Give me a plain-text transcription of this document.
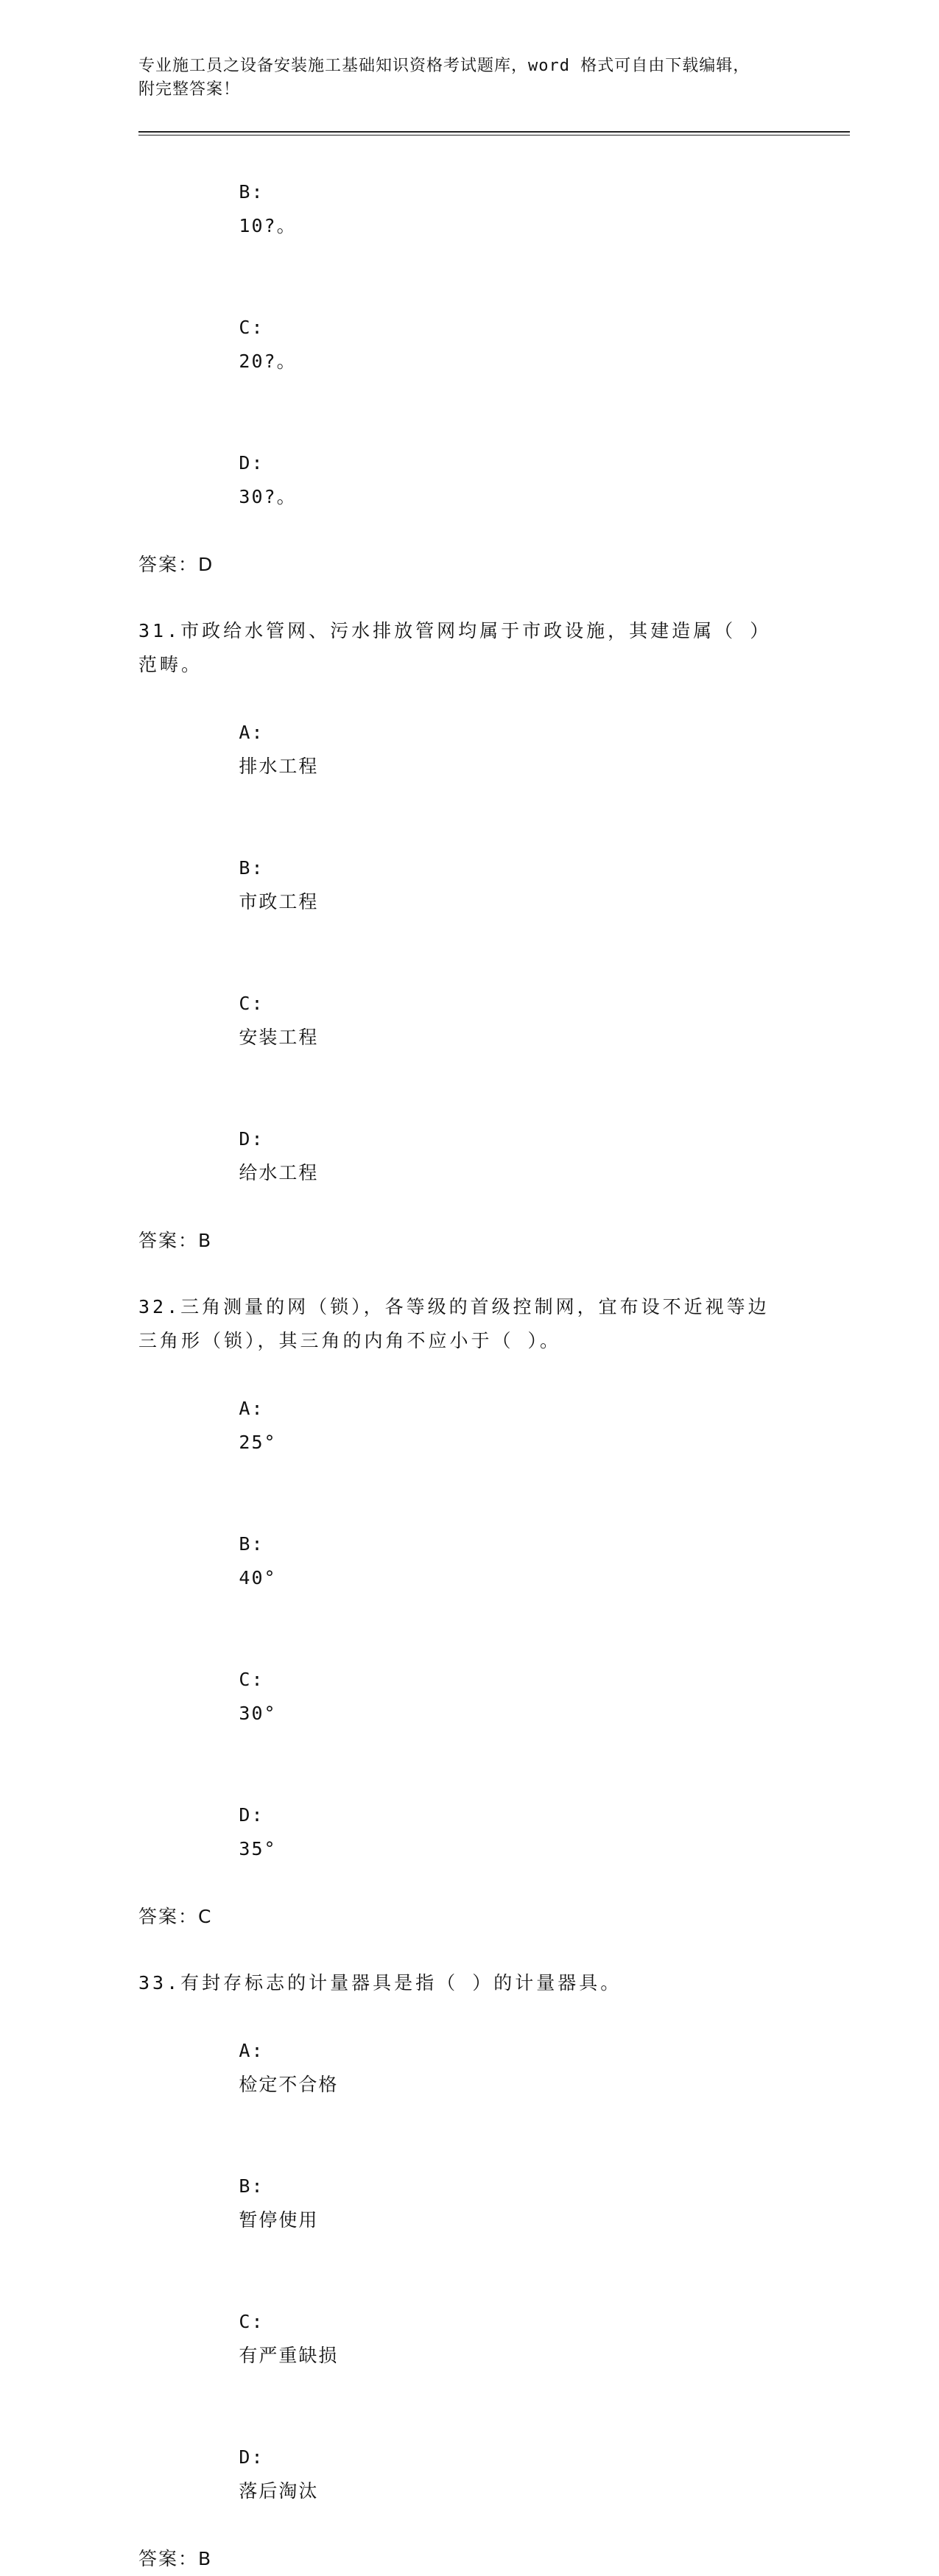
专业施工员之设备安装施工基础知识资格考试题库，word 格式可自由下载编辑，
附完整答案！

B:
10?。

C:
20?。

D:
30?。

答案：D
31.市政给水管网、污水排放管网均属于市政设施，其建造属（ ）范畴。

A:
排水工程

B:
市政工程

C:
安装工程

D:
给水工程

答案：B
32.三角测量的网（锁），各等级的首级控制网，宜布设不近视等边三角形（锁），其三角的内角不应小于（ ）。

A:
25°

B:
40°

C:
30°

D:
35°

答案：C
33.有封存标志的计量器具是指（ ）的计量器具。

A:
检定不合格

B:
暂停使用

C:
有严重缺损

D:
落后淘汰

答案：B
